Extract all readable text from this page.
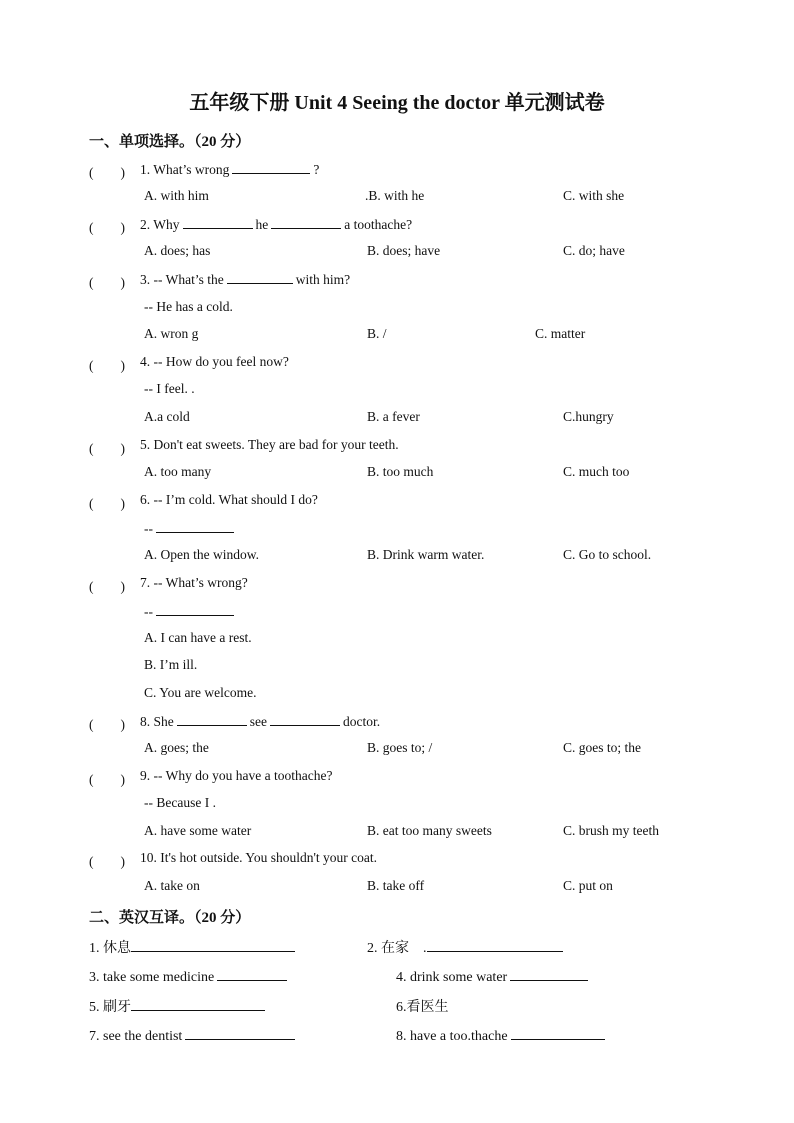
五年级下册 Unit 4 Seeing the doctor 单元测试卷
一、单项选择。（20 分）
(　　) 1. What’s wrong	?
A. with him	.B. with he	C. with she
(　　) 2. Why	he	a toothache?
A. does; has	B. does; have	C. do; have
(　　) 3. -- What’s the	with him?
-- He has a cold.
A. wron g	B. /	C. matter
(　　) 4. -- How do you feel now?
-- I feel. .
A.a cold	B. a fever	C.hungry
(　　) 5. Don't eat sweets. They are bad for your teeth.
A. too many	B. too much	C. much too
(　　) 6. -- I’m cold. What should I do?
--
A. Open the window.	B. Drink warm water.	C. Go to school.
(　　) 7. -- What’s wrong?
--
A. I can have a rest.
B. I’m ill.
C. You are welcome.
(　　) 8. She	see	doctor.
A. goes; the	B. goes to; /	C. goes to; the
(　　) 9. -- Why do you have a toothache?
-- Because I .
A. have some water	B. eat too many sweets	C. brush my teeth
(　　) 10. It's hot outside. You shouldn't your coat.
A. take on	B. take off	C. put on
二、英汉互译。（20 分）
1. 休息	2. 在家　.
3. take some medicine	4. drink some water
5. 刷牙	6.看医生
7. see the dentist	8. have a too.thache
